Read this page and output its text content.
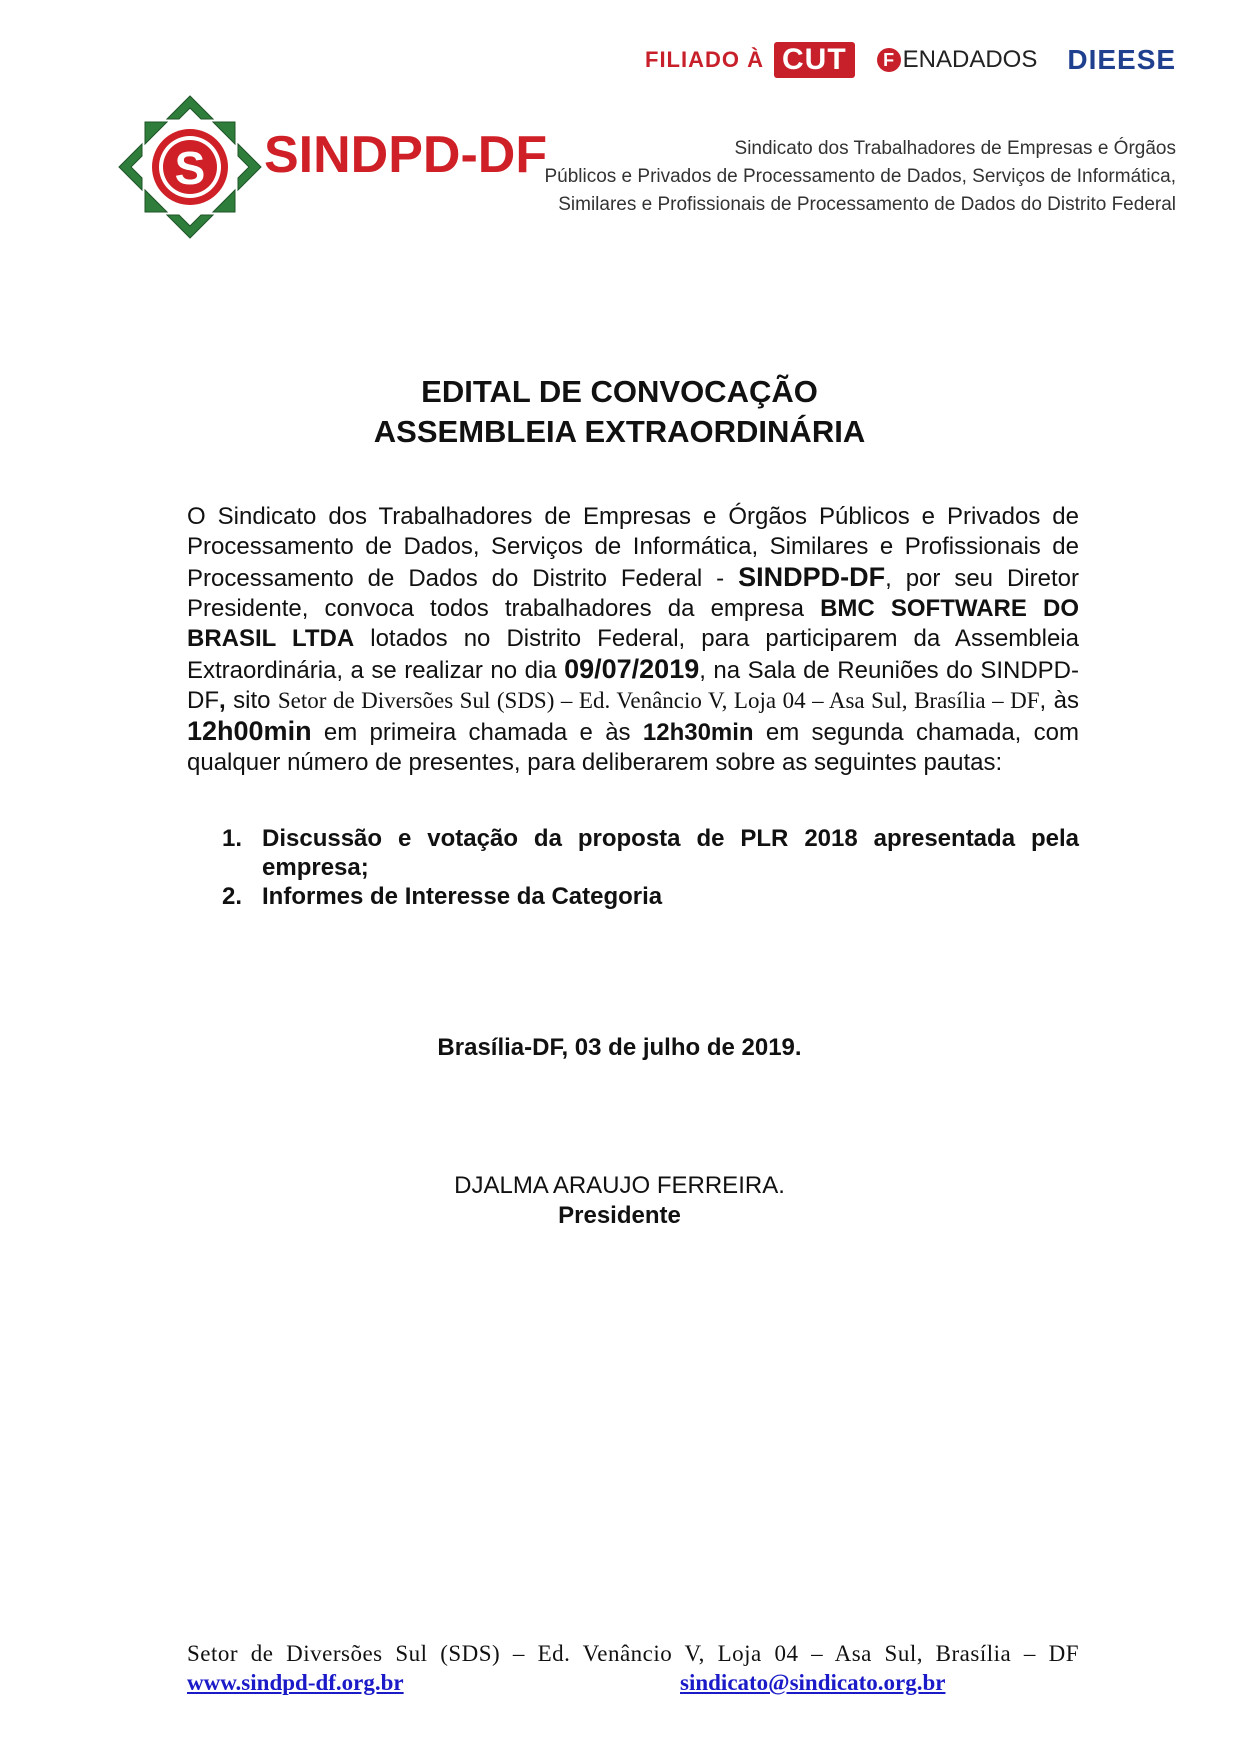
FILIADO À CUT	F ENADADOS DIEESE
S SINDPD-DF	Sindicato dos Trabalhadores de Empresas e Órgãos
Públicos e Privados de Processamento de Dados, Serviços de Informática,
Similares e Profissionais de Processamento de Dados do Distrito Federal
EDITAL DE CONVOCAÇÃO
ASSEMBLEIA EXTRAORDINÁRIA
O Sindicato dos Trabalhadores de Empresas e Órgãos Públicos e Privados de Processamento de Dados, Serviços de Informática, Similares e Profissionais de Processamento de Dados do Distrito Federal - SINDPD-DF, por seu Diretor Presidente, convoca todos trabalhadores da empresa BMC SOFTWARE DO BRASIL LTDA lotados no Distrito Federal, para participarem da Assembleia Extraordinária, a se realizar no dia 09/07/2019, na Sala de Reuniões do SINDPD-DF, sito Setor de Diversões Sul (SDS) – Ed. Venâncio V, Loja 04 – Asa Sul, Brasília – DF, às 12h00min em primeira chamada e às 12h30min em segunda chamada, com qualquer número de presentes, para deliberarem sobre as seguintes pautas:
1. Discussão e votação da proposta de PLR 2018 apresentada pela empresa;
2. Informes de Interesse da Categoria
Brasília-DF, 03 de julho de 2019.
DJALMA ARAUJO FERREIRA.
Presidente
Setor de Diversões Sul (SDS) – Ed. Venâncio V, Loja 04 – Asa Sul, Brasília – DF
www.sindpd-df.org.br	sindicato@sindicato.org.br
